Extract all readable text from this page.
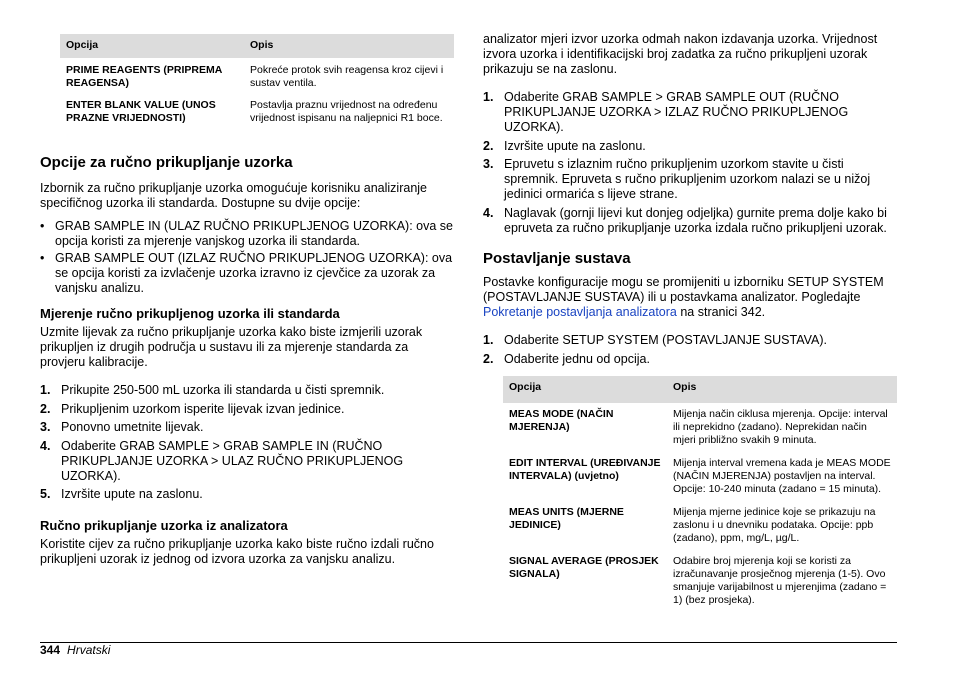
Opcija	Opis
PRIME REAGENTS (PRIPREMA REAGENSA)	Pokreće protok svih reagensa kroz cijevi i sustav ventila.
ENTER BLANK VALUE (UNOS PRAZNE VRIJEDNOSTI)	Postavlja praznu vrijednost na određenu vrijednost ispisanu na naljepnici R1 boce.
Opcije za ručno prikupljanje uzorka

Izbornik za ručno prikupljanje uzorka omogućuje korisniku analiziranje specifičnog uzorka ili standarda. Dostupne su dvije opcije:

• GRAB SAMPLE IN (ULAZ RUČNO PRIKUPLJENOG UZORKA): ova se opcija koristi za mjerenje vanjskog uzorka ili standarda.
• GRAB SAMPLE OUT (IZLAZ RUČNO PRIKUPLJENOG UZORKA): ova se opcija koristi za izvlačenje uzorka izravno iz cjevčice za uzorak za vanjsku analizu.
Mjerenje ručno prikupljenog uzorka ili standarda

Uzmite lijevak za ručno prikupljanje uzorka kako biste izmjerili uzorak prikupljen iz drugih područja u sustavu ili za mjerenje standarda za provjeru kalibracije.

1. Prikupite 250-500 mL uzorka ili standarda u čisti spremnik.
2. Prikupljenim uzorkom isperite lijevak izvan jedinice.
3. Ponovno umetnite lijevak.
4. Odaberite GRAB SAMPLE > GRAB SAMPLE IN (RUČNO PRIKUPLJANJE UZORKA > ULAZ RUČNO PRIKUPLJENOG UZORKA).
5. Izvršite upute na zaslonu.
Ručno prikupljanje uzorka iz analizatora

Koristite cijev za ručno prikupljanje uzorka kako biste ručno izdali ručno prikupljeni uzorak iz jednog od izvora uzorka za vanjsku analizu.

analizator mjeri izvor uzorka odmah nakon izdavanja uzorka. Vrijednost izvora uzorka i identifikacijski broj zadatka za ručno prikupljeni uzorak prikazuju se na zaslonu.

1. Odaberite GRAB SAMPLE > GRAB SAMPLE OUT (RUČNO PRIKUPLJANJE UZORKA > IZLAZ RUČNO PRIKUPLJENOG UZORKA).
2. Izvršite upute na zaslonu.
3. Epruvetu s izlaznim ručno prikupljenim uzorkom stavite u čisti spremnik. Epruveta s ručno prikupljenim uzorkom nalazi se u nižoj jedinici ormarića s lijeve strane.
4. Naglavak (gornji lijevi kut donjeg odjeljka) gurnite prema dolje kako bi epruveta za ručno prikupljanje uzorka izdala ručno prikupljeni uzorak.
Postavljanje sustava

Postavke konfiguracije mogu se promijeniti u izborniku SETUP SYSTEM (POSTAVLJANJE SUSTAVA) ili u postavkama analizator. Pogledajte Pokretanje postavljanja analizatora na stranici 342.

1. Odaberite SETUP SYSTEM (POSTAVLJANJE SUSTAVA).
2. Odaberite jednu od opcija.
Opcija	Opis
MEAS MODE (NAČIN MJERENJA)	Mijenja način ciklusa mjerenja. Opcije: interval ili neprekidno (zadano). Neprekidan način mjeri približno svakih 9 minuta.
EDIT INTERVAL (UREĐIVANJE INTERVALA) (uvjetno)	Mijenja interval vremena kada je MEAS MODE (NAČIN MJERENJA) postavljen na interval. Opcije: 10-240 minuta (zadano = 15 minuta).
MEAS UNITS (MJERNE JEDINICE)	Mijenja mjerne jedinice koje se prikazuju na zaslonu i u dnevniku podataka. Opcije: ppb (zadano), ppm, mg/L, µg/L.
SIGNAL AVERAGE (PROSJEK SIGNALA)	Odabire broj mjerenja koji se koristi za izračunavanje prosječnog mjerenja (1-5). Ovo smanjuje varijabilnost u mjerenjima (zadano = 1) (bez prosjeka).
344 Hrvatski
